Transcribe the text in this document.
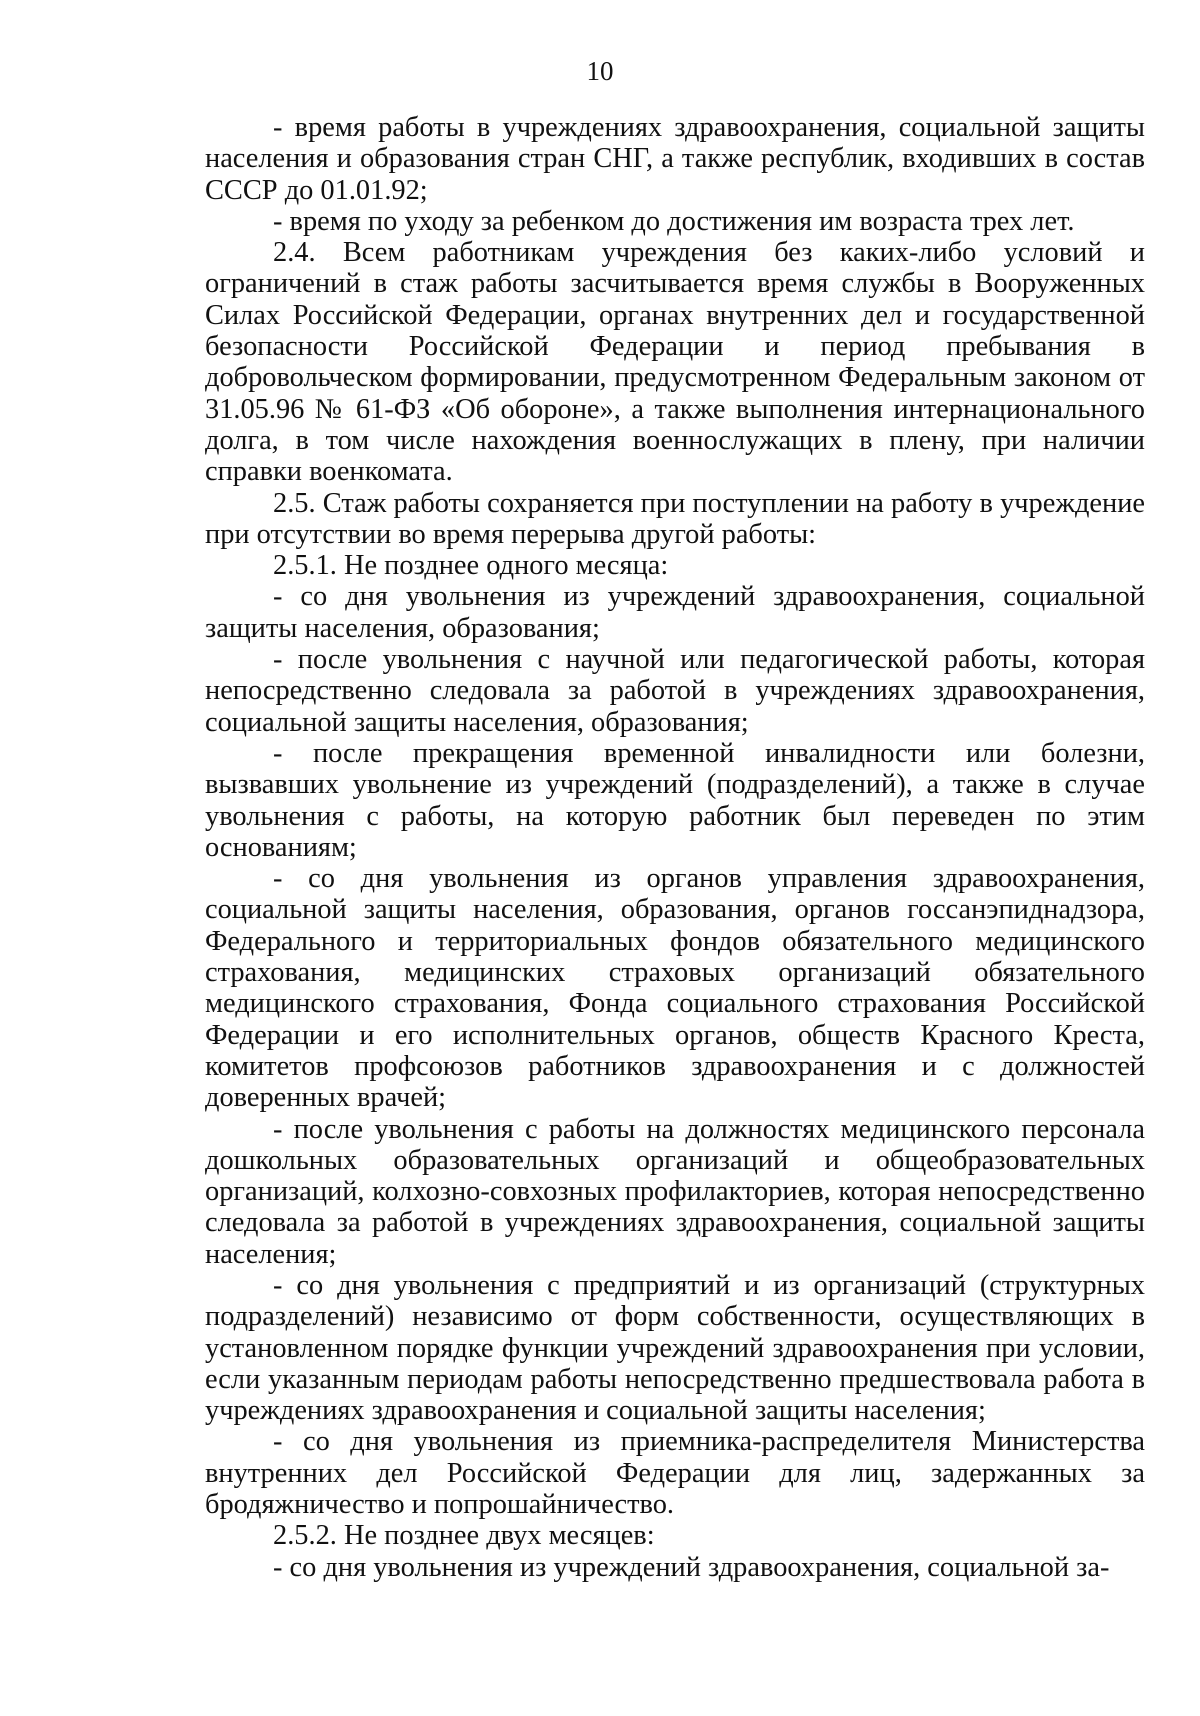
10

- время работы в учреждениях здравоохранения, социальной защиты населения и образования стран СНГ, а также республик, входивших в состав СССР до 01.01.92;

- время по уходу за ребенком до достижения им возраста трех лет.

2.4. Всем работникам учреждения без каких-либо условий и ограничений в стаж работы засчитывается время службы в Вооруженных Силах Российской Федерации, органах внутренних дел и государственной безопасности Российской Федерации и период пребывания в добровольческом формировании, предусмотренном Федеральным законом от 31.05.96 № 61-ФЗ «Об обороне», а также выполнения интернационального долга, в том числе нахождения военнослужащих в плену, при наличии справки военкомата.

2.5. Стаж работы сохраняется при поступлении на работу в учреждение при отсутствии во время перерыва другой работы:

2.5.1. Не позднее одного месяца:

- со дня увольнения из учреждений здравоохранения, социальной защиты населения, образования;

- после увольнения с научной или педагогической работы, которая непосредственно следовала за работой в учреждениях здравоохранения, социальной защиты населения, образования;

- после прекращения временной инвалидности или болезни, вызвавших увольнение из учреждений (подразделений), а также в случае увольнения с работы, на которую работник был переведен по этим основаниям;

- со дня увольнения из органов управления здравоохранения, социальной защиты населения, образования, органов госсанэпиднадзора, Федерального и территориальных фондов обязательного медицинского страхования, медицинских страховых организаций обязательного медицинского страхования, Фонда социального страхования Российской Федерации и его исполнительных органов, обществ Красного Креста, комитетов профсоюзов работников здравоохранения и с должностей доверенных врачей;

- после увольнения с работы на должностях медицинского персонала дошкольных образовательных организаций и общеобразовательных организаций, колхозно-совхозных профилакториев, которая непосредственно следовала за работой в учреждениях здравоохранения, социальной защиты населения;

- со дня увольнения с предприятий и из организаций (структурных подразделений) независимо от форм собственности, осуществляющих в установленном порядке функции учреждений здравоохранения при условии, если указанным периодам работы непосредственно предшествовала работа в учреждениях здравоохранения и социальной защиты населения;

- со дня увольнения из приемника-распределителя Министерства внутренних дел Российской Федерации для лиц, задержанных за бродяжничество и попрошайничество.

2.5.2. Не позднее двух месяцев:

- со дня увольнения из учреждений здравоохранения, социальной за-
